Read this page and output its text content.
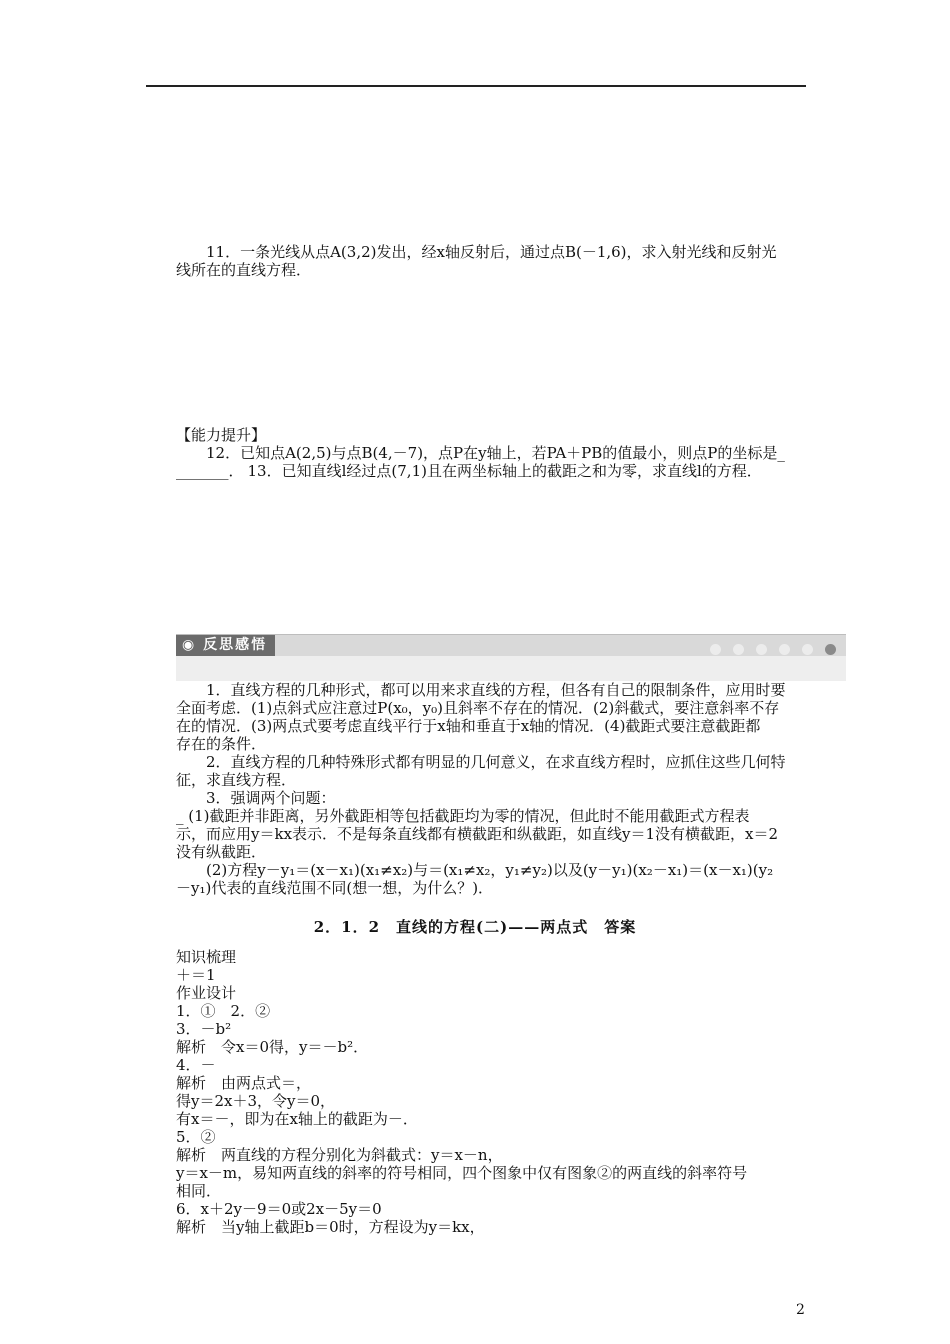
11．一条光线从点A(3,2)发出，经x轴反射后，通过点B(－1,6)，求入射光线和反射光
线所在的直线方程．
【能力提升】
12．已知点A(2,5)与点B(4,－7)，点P在y轴上，若PA＋PB的值最小，则点P的坐标是_
_______． 13．已知直线l经过点(7,1)且在两坐标轴上的截距之和为零，求直线l的方程．
◉ 反思感悟

1．直线方程的几种形式，都可以用来求直线的方程，但各有自己的限制条件，应用时要
全面考虑．(1)点斜式应注意过P(x₀，y₀)且斜率不存在的情况．(2)斜截式，要注意斜率不存
在的情况．(3)两点式要考虑直线平行于x轴和垂直于x轴的情况．(4)截距式要注意截距都
存在的条件．
2．直线方程的几种特殊形式都有明显的几何意义，在求直线方程时，应抓住这些几何特
征，求直线方程．
3．强调两个问题：
_ (1)截距并非距离，另外截距相等包括截距均为零的情况，但此时不能用截距式方程表
示，而应用y＝kx表示．不是每条直线都有横截距和纵截距，如直线y＝1没有横截距，x＝2
没有纵截距．
(2)方程y－y₁＝(x－x₁)(x₁≠x₂)与＝(x₁≠x₂，y₁≠y₂)以及(y－y₁)(x₂－x₁)＝(x－x₁)(y₂
－y₁)代表的直线范围不同(想一想，为什么？)．
2．1．2　直线的方程(二)——两点式　答案
知识梳理
＋＝1
作业设计
1．①　2．②
3．－b²
解析　令x＝0得，y＝－b²．
4．－
解析　由两点式＝，
得y＝2x＋3，令y＝0，
有x＝－，即为在x轴上的截距为－．
5．②
解析　两直线的方程分别化为斜截式：y＝x－n，
y＝x－m，易知两直线的斜率的符号相同，四个图象中仅有图象②的两直线的斜率符号
相同．
6．x＋2y－9＝0或2x－5y＝0
解析　当y轴上截距b＝0时，方程设为y＝kx，
2
